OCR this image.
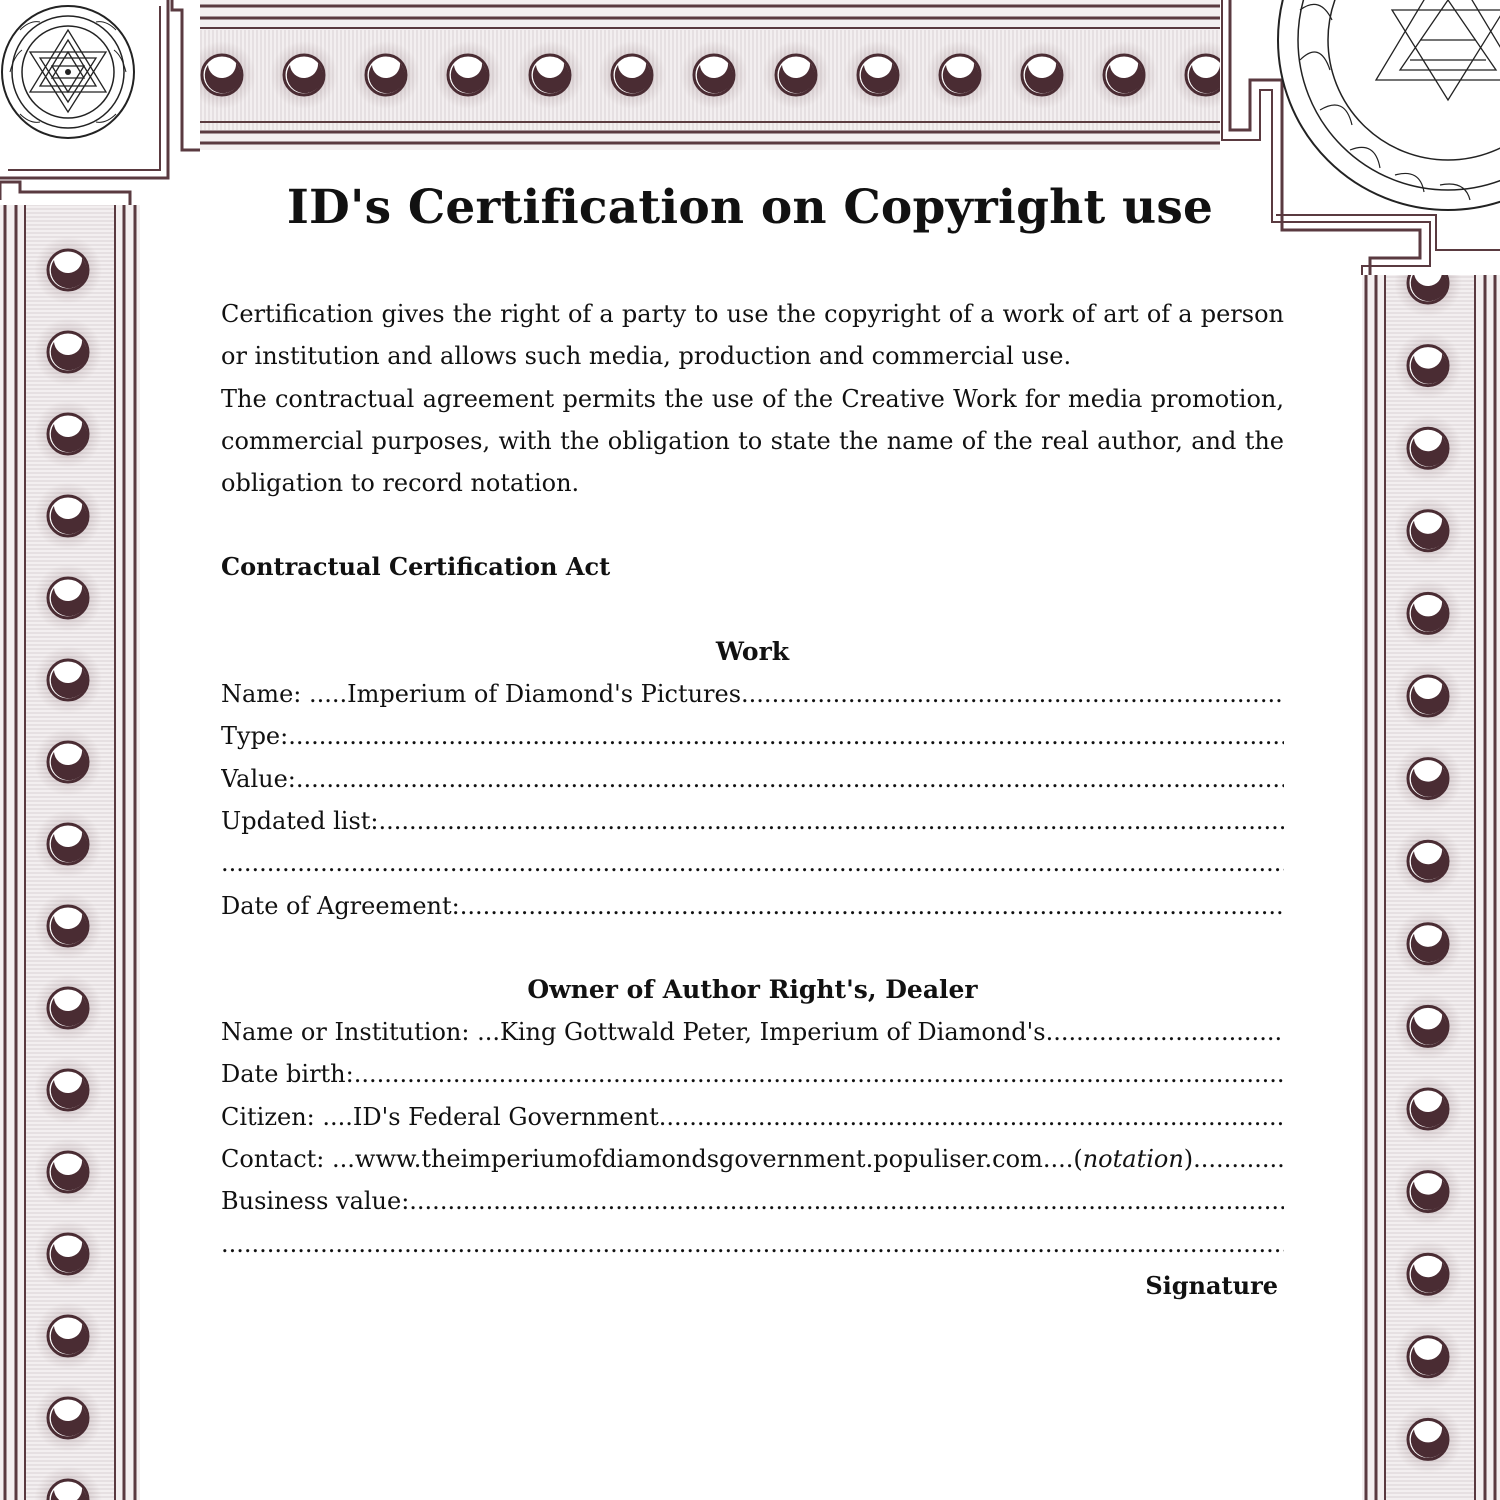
ID's Certification on Copyright use

Certification gives the right of a party to use the copyright of a work of art of a person or institution and allows such media, production and commercial use.

The contractual agreement permits the use of the Creative Work for media promotion, commercial purposes, with the obligation to state the name of the real author, and the obligation to record notation.

Contractual Certification Act
Work
Name: .....Imperium of Diamond's Pictures
.....
Type:
.....
Value:
.....
Updated list:
.....
.....
Date of Agreement:
.....
Owner of Author Right's, Dealer
Name or Institution: ...King Gottwald Peter, Imperium of Diamond's
.....
Date birth:
.....
Citizen: ....ID's Federal Government
.....
Contact: ...www.theimperiumofdiamondsgovernment.populiser.com....( notation )
.....
Business value:
.....
.....
Signature
